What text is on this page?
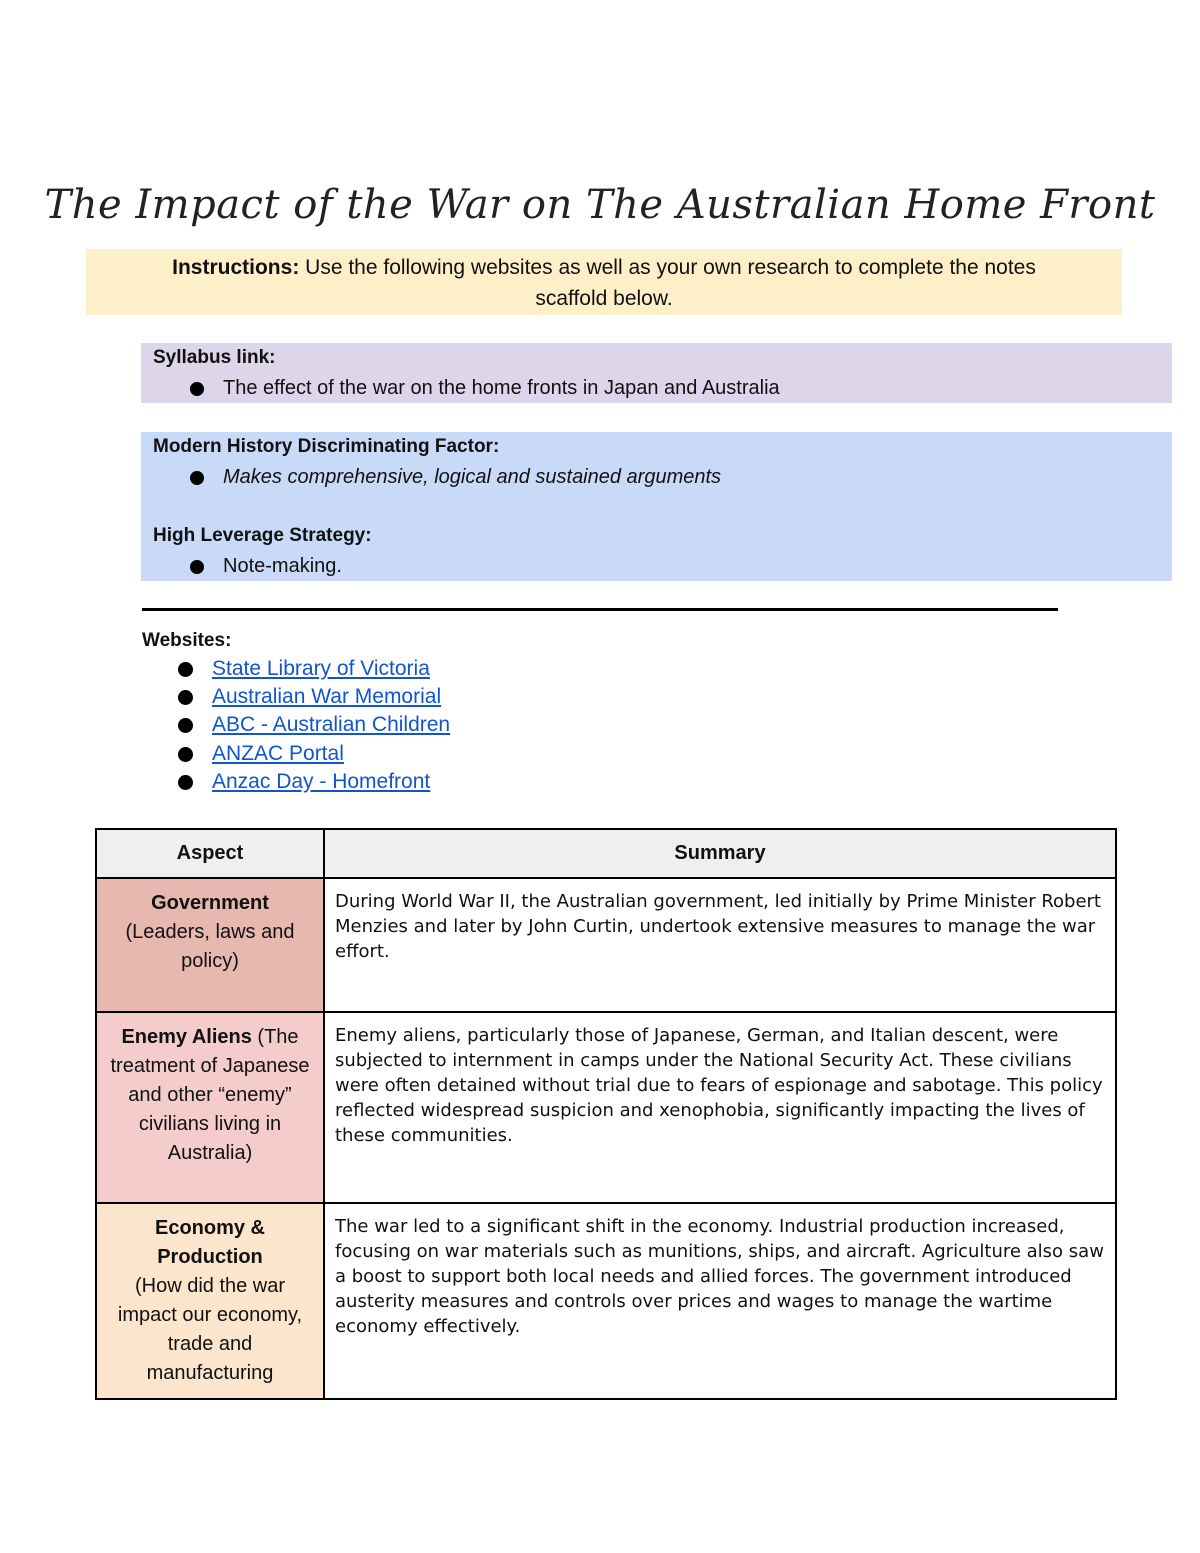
The Impact of the War on The Australian Home Front
Instructions: Use the following websites as well as your own research to complete the notes scaffold below.
Syllabus link:
The effect of the war on the home fronts in Japan and Australia
Modern History Discriminating Factor:
Makes comprehensive, logical and sustained arguments
High Leverage Strategy:
Note-making.
Websites:
State Library of Victoria
Australian War Memorial
ABC - Australian Children
ANZAC Portal
Anzac Day - Homefront
Aspect	Summary
Government
(Leaders, laws and policy)	During World War II, the Australian government, led initially by Prime Minister Robert Menzies and later by John Curtin, undertook extensive measures to manage the war effort.
Enemy Aliens (The treatment of Japanese and other “enemy” civilians living in Australia)	Enemy aliens, particularly those of Japanese, German, and Italian descent, were subjected to internment in camps under the National Security Act. These civilians were often detained without trial due to fears of espionage and sabotage. This policy reflected widespread suspicion and xenophobia, significantly impacting the lives of these communities.
Economy & Production
(How did the war impact our economy, trade and manufacturing	The war led to a significant shift in the economy. Industrial production increased, focusing on war materials such as munitions, ships, and aircraft. Agriculture also saw a boost to support both local needs and allied forces. The government introduced austerity measures and controls over prices and wages to manage the wartime economy effectively.
